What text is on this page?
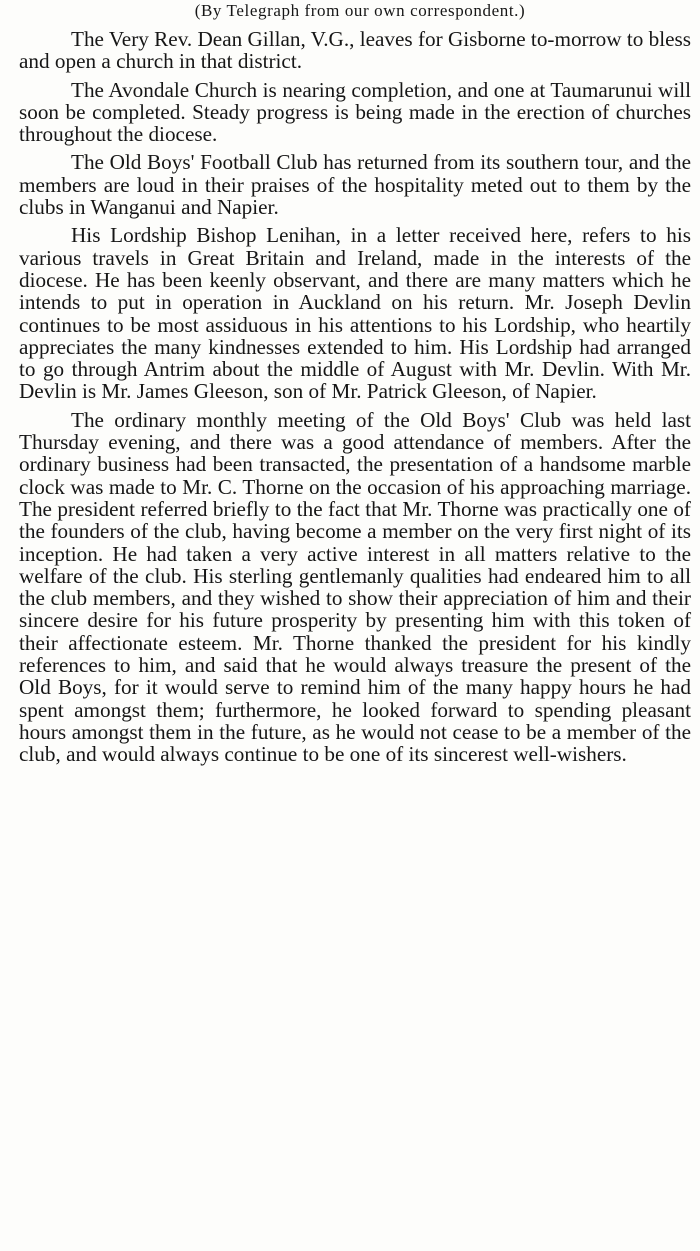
(By Telegraph from our own correspondent.)

The Very Rev. Dean Gillan, V.G., leaves for Gisborne to-morrow to bless and open a church in that district.

The Avondale Church is nearing completion, and one at Taumarunui will soon be completed. Steady progress is being made in the erection of churches throughout the diocese.

The Old Boys' Football Club has returned from its southern tour, and the members are loud in their praises of the hospitality meted out to them by the clubs in Wanganui and Napier.

His Lordship Bishop Lenihan, in a letter received here, refers to his various travels in Great Britain and Ireland, made in the interests of the diocese. He has been keenly observant, and there are many matters which he intends to put in operation in Auckland on his return. Mr. Joseph Devlin continues to be most assiduous in his attentions to his Lordship, who heartily appreciates the many kindnesses extended to him. His Lordship had arranged to go through Antrim about the middle of August with Mr. Devlin. With Mr. Devlin is Mr. James Gleeson, son of Mr. Patrick Gleeson, of Napier.

The ordinary monthly meeting of the Old Boys' Club was held last Thursday evening, and there was a good attendance of members. After the ordinary business had been transacted, the presentation of a handsome marble clock was made to Mr. C. Thorne on the occasion of his approaching marriage. The president referred briefly to the fact that Mr. Thorne was practically one of the founders of the club, having become a member on the very first night of its inception. He had taken a very active interest in all matters relative to the welfare of the club. His sterling gentlemanly qualities had endeared him to all the club members, and they wished to show their appreciation of him and their sincere desire for his future prosperity by presenting him with this token of their affectionate esteem. Mr. Thorne thanked the president for his kindly references to him, and said that he would always treasure the present of the Old Boys, for it would serve to remind him of the many happy hours he had spent amongst them; furthermore, he looked forward to spending pleasant hours amongst them in the future, as he would not cease to be a member of the club, and would always continue to be one of its sincerest well-wishers.
